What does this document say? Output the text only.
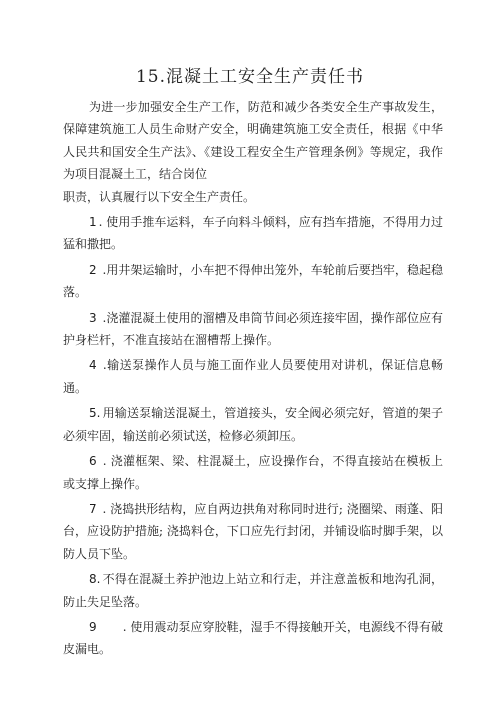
15.混凝土工安全生产责任书

为进一步加强安全生产工作，防范和减少各类安全生产事故发生，保障建筑施工人员生命财产安全，明确建筑施工安全责任，根据《中华人民共和国安全生产法》、《建设工程安全生产管理条例》等规定，我作为项目混凝土工，结合岗位

职责，认真履行以下安全生产责任。

1 . 使用手推车运料，车子向料斗倾料，应有挡车措施，不得用力过猛和撒把。

2 .用井架运输时，小车把不得伸出笼外，车轮前后要挡牢，稳起稳落。

3 .浇灌混凝土使用的溜槽及串筒节间必须连接牢固，操作部位应有护身栏杆，不准直接站在溜槽帮上操作。

4 .输送泵操作人员与施工面作业人员要使用对讲机，保证信息畅通。

5. 用输送泵输送混凝土，管道接头，安全阀必须完好，管道的架子必须牢固，输送前必须试送，检修必须卸压。

6 . 浇灌框架、梁、柱混凝土，应设操作台，不得直接站在模板上或支撑上操作。

7 . 浇捣拱形结构，应自两边拱角对称同时进行; 浇圈梁、雨蓬、阳台，应设防护措施; 浇捣料仓，下口应先行封闭，并铺设临时脚手架，以防人员下坠。

8. 不得在混凝土养护池边上站立和行走，并注意盖板和地沟孔洞，防止失足坠落。

9　　. 使用震动泵应穿胶鞋，湿手不得接触开关，电源线不得有破皮漏电。
